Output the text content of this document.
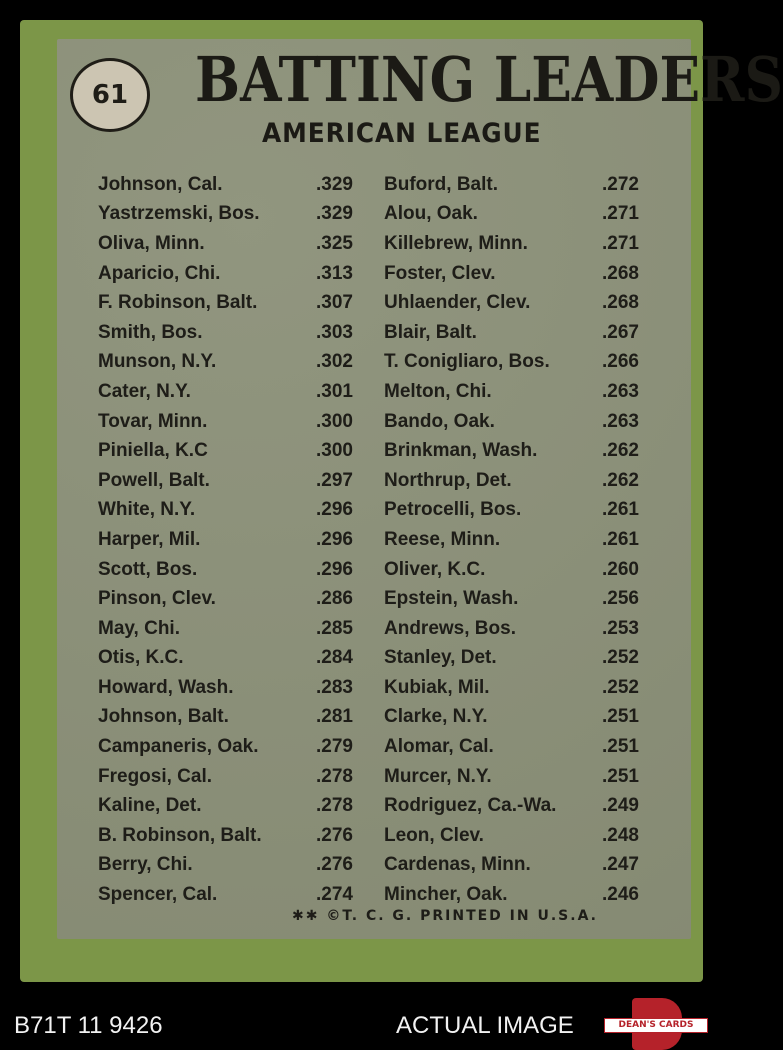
61 BATTING LEADERS
AMERICAN LEAGUE
Johnson, Cal.	.329	Buford, Balt.	.272
Yastrzemski, Bos.	.329	Alou, Oak.	.271
Oliva, Minn.	.325	Killebrew, Minn.	.271
Aparicio, Chi.	.313	Foster, Clev.	.268
F. Robinson, Balt.	.307	Uhlaender, Clev.	.268
Smith, Bos.	.303	Blair, Balt.	.267
Munson, N.Y.	.302	T. Conigliaro, Bos.	.266
Cater, N.Y.	.301	Melton, Chi.	.263
Tovar, Minn.	.300	Bando, Oak.	.263
Piniella, K.C	.300	Brinkman, Wash.	.262
Powell, Balt.	.297	Northrup, Det.	.262
White, N.Y.	.296	Petrocelli, Bos.	.261
Harper, Mil.	.296	Reese, Minn.	.261
Scott, Bos.	.296	Oliver, K.C.	.260
Pinson, Clev.	.286	Epstein, Wash.	.256
May, Chi.	.285	Andrews, Bos.	.253
Otis, K.C.	.284	Stanley, Det.	.252
Howard, Wash.	.283	Kubiak, Mil.	.252
Johnson, Balt.	.281	Clarke, N.Y.	.251
Campaneris, Oak.	.279	Alomar, Cal.	.251
Fregosi, Cal.	.278	Murcer, N.Y.	.251
Kaline, Det.	.278	Rodriguez, Ca.-Wa.	.249
B. Robinson, Balt.	.276	Leon, Clev.	.248
Berry, Chi.	.276	Cardenas, Minn.	.247
Spencer, Cal.	.274	Mincher, Oak.	.246
✱✱ ©T. C. G. PRINTED IN U.S.A.
B71T 11 9426	ACTUAL IMAGE	DEAN'S CARDS
